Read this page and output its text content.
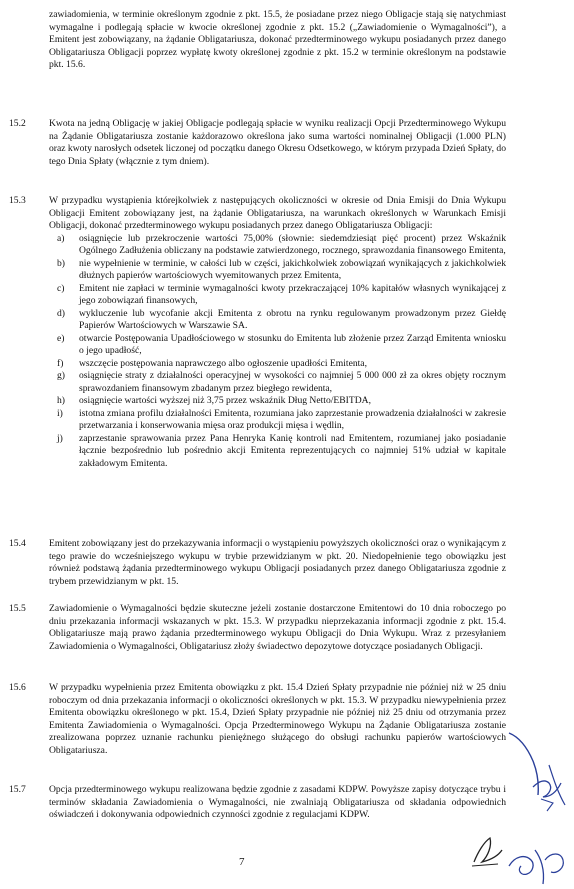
zawiadomienia, w terminie określonym zgodnie z pkt. 15.5, że posiadane przez niego Obligacje stają się natychmiast wymagalne i podlegają spłacie w kwocie określonej zgodnie z pkt. 15.2 („Zawiadomienie o Wymagalności”), a Emitent jest zobowiązany, na żądanie Obligatariusza, dokonać przedterminowego wykupu posiadanych przez danego Obligatariusza Obligacji poprzez wypłatę kwoty określonej zgodnie z pkt. 15.2 w terminie określonym na podstawie pkt. 15.6.
15.2 Kwota na jedną Obligację w jakiej Obligacje podlegają spłacie w wyniku realizacji Opcji Przedterminowego Wykupu na Żądanie Obligatariusza zostanie każdorazowo określona jako suma wartości nominalnej Obligacji (1.000 PLN) oraz kwoty narosłych odsetek liczonej od początku danego Okresu Odsetkowego, w którym przypada Dzień Spłaty, do tego Dnia Spłaty (włącznie z tym dniem).
15.3 W przypadku wystąpienia którejkolwiek z następujących okoliczności w okresie od Dnia Emisji do Dnia Wykupu Obligacji Emitent zobowiązany jest, na żądanie Obligatariusza, na warunkach określonych w Warunkach Emisji Obligacji, dokonać przedterminowego wykupu posiadanych przez danego Obligatariusza Obligacji:
a) osiągnięcie lub przekroczenie wartości 75,00% (słownie: siedemdziesiąt pięć procent) przez Wskaźnik Ogólnego Zadłużenia obliczany na podstawie zatwierdzonego, rocznego, sprawozdania finansowego Emitenta,
b) nie wypełnienie w terminie, w całości lub w części, jakichkolwiek zobowiązań wynikających z jakichkolwiek dłużnych papierów wartościowych wyemitowanych przez Emitenta,
c) Emitent nie zapłaci w terminie wymagalności kwoty przekraczającej 10% kapitałów własnych wynikającej z jego zobowiązań finansowych,
d) wykluczenie lub wycofanie akcji Emitenta z obrotu na rynku regulowanym prowadzonym przez Giełdę Papierów Wartościowych w Warszawie SA.
e) otwarcie Postępowania Upadłościowego w stosunku do Emitenta lub złożenie przez Zarząd Emitenta wniosku o jego upadłość,
f) wszczęcie postępowania naprawczego albo ogłoszenie upadłości Emitenta,
g) osiągnięcie straty z działalności operacyjnej w wysokości co najmniej 5 000 000 zł za okres objęty rocznym sprawozdaniem finansowym zbadanym przez biegłego rewidenta,
h) osiągnięcie wartości wyższej niż 3,75 przez wskaźnik Dług Netto/EBITDA,
i) istotna zmiana profilu działalności Emitenta, rozumiana jako zaprzestanie prowadzenia działalności w zakresie przetwarzania i konserwowania mięsa oraz produkcji mięsa i wędlin,
j) zaprzestanie sprawowania przez Pana Henryka Kanię kontroli nad Emitentem, rozumianej jako posiadanie łącznie bezpośrednio lub pośrednio akcji Emitenta reprezentujących co najmniej 51% udział w kapitale zakładowym Emitenta.
15.4 Emitent zobowiązany jest do przekazywania informacji o wystąpieniu powyższych okoliczności oraz o wynikającym z tego prawie do wcześniejszego wykupu w trybie przewidzianym w pkt. 20. Niedopełnienie tego obowiązku jest również podstawą żądania przedterminowego wykupu Obligacji posiadanych przez danego Obligatariusza zgodnie z trybem przewidzianym w pkt. 15.
15.5 Zawiadomienie o Wymagalności będzie skuteczne jeżeli zostanie dostarczone Emitentowi do 10 dnia roboczego po dniu przekazania informacji wskazanych w pkt. 15.3. W przypadku nieprzekazania informacji zgodnie z pkt. 15.4. Obligatariusze mają prawo żądania przedterminowego wykupu Obligacji do Dnia Wykupu. Wraz z przesyłaniem Zawiadomienia o Wymagalności, Obligatariusz złoży świadectwo depozytowe dotyczące posiadanych Obligacji.
15.6 W przypadku wypełnienia przez Emitenta obowiązku z pkt. 15.4 Dzień Spłaty przypadnie nie później niż w 25 dniu roboczym od dnia przekazania informacji o okoliczności określonych w pkt. 15.3. W przypadku niewypełnienia przez Emitenta obowiązku określonego w pkt. 15.4, Dzień Spłaty przypadnie nie później niż 25 dniu od otrzymania przez Emitenta Zawiadomienia o Wymagalności. Opcja Przedterminowego Wykupu na Żądanie Obligatariusza zostanie zrealizowana poprzez uznanie rachunku pieniężnego służącego do obsługi rachunku papierów wartościowych Obligatariusza.
15.7 Opcja przedterminowego wykupu realizowana będzie zgodnie z zasadami KDPW. Powyższe zapisy dotyczące trybu i terminów składania Zawiadomienia o Wymagalności, nie zwalniają Obligatariusza od składania odpowiednich oświadczeń i dokonywania odpowiednich czynności zgodnie z regulacjami KDPW.
7
